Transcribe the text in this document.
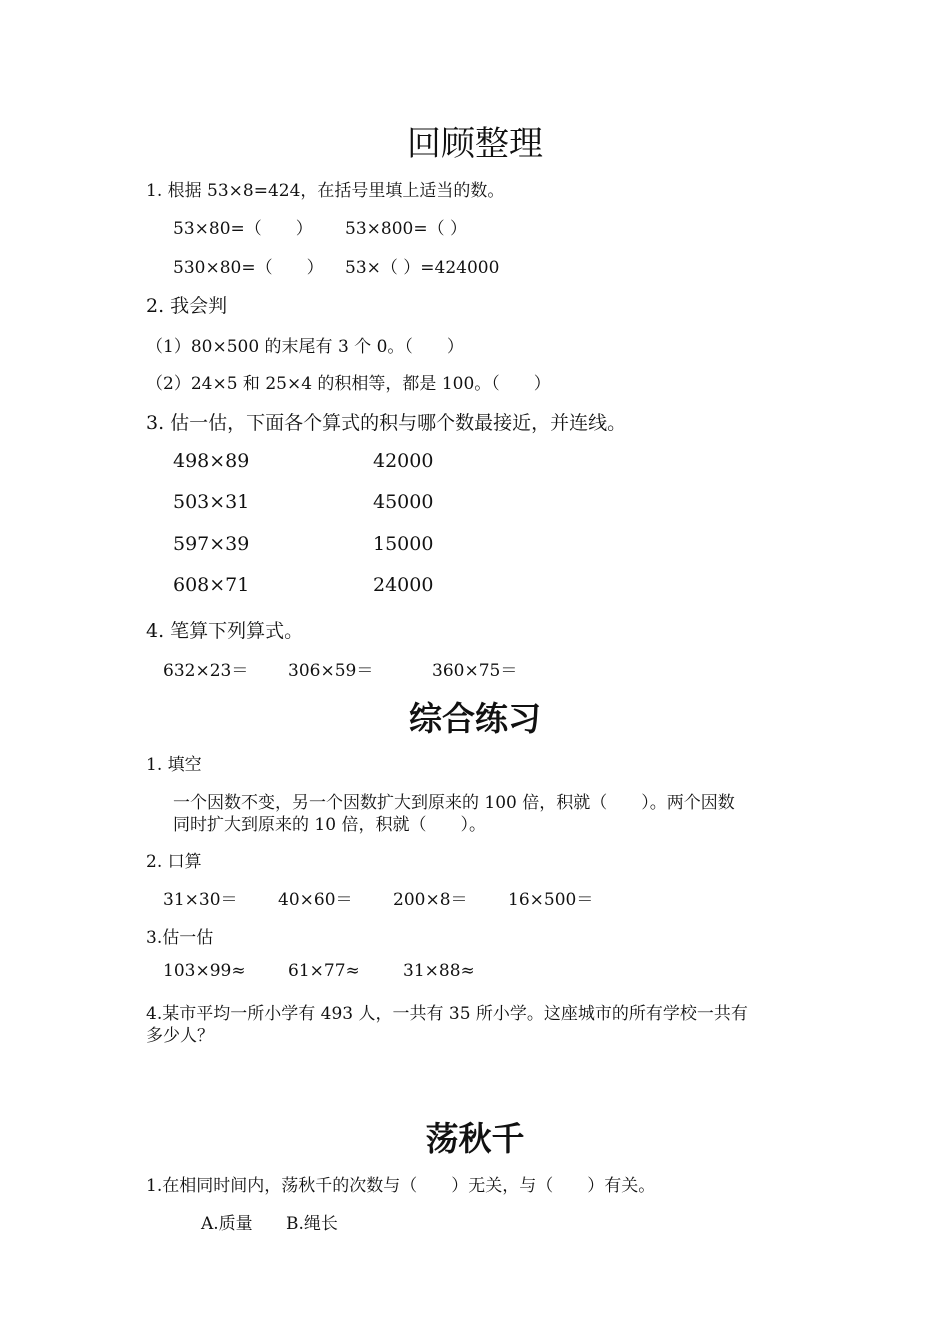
回顾整理
1. 根据 53×8=424，在括号里填上适当的数。
53×80=（　　） 53×800=（ ）
530×80=（　　） 53×（ ）=424000
2. 我会判
（1）80×500 的末尾有 3 个 0。（　　）
（2）24×5 和 25×4 的积相等，都是 100。（　　）
3. 估一估，下面各个算式的积与哪个数最接近，并连线。
498×89	42000
503×31	45000
597×39	15000
608×71	24000
4. 笔算下列算式。
632×23＝ 306×59＝	360×75＝
综合练习
1. 填空
一个因数不变，另一个因数扩大到原来的 100 倍，积就（　　）。两个因数
同时扩大到原来的 10 倍，积就（　　）。
2. 口算
31×30＝ 40×60＝ 200×8＝ 16×500＝
3.估一估
103×99≈ 61×77≈	31×88≈
4.某市平均一所小学有 493 人，一共有 35 所小学。这座城市的所有学校一共有
多少人？
荡秋千
1.在相同时间内，荡秋千的次数与（　　）无关，与（　　）有关。
A.质量 B.绳长
